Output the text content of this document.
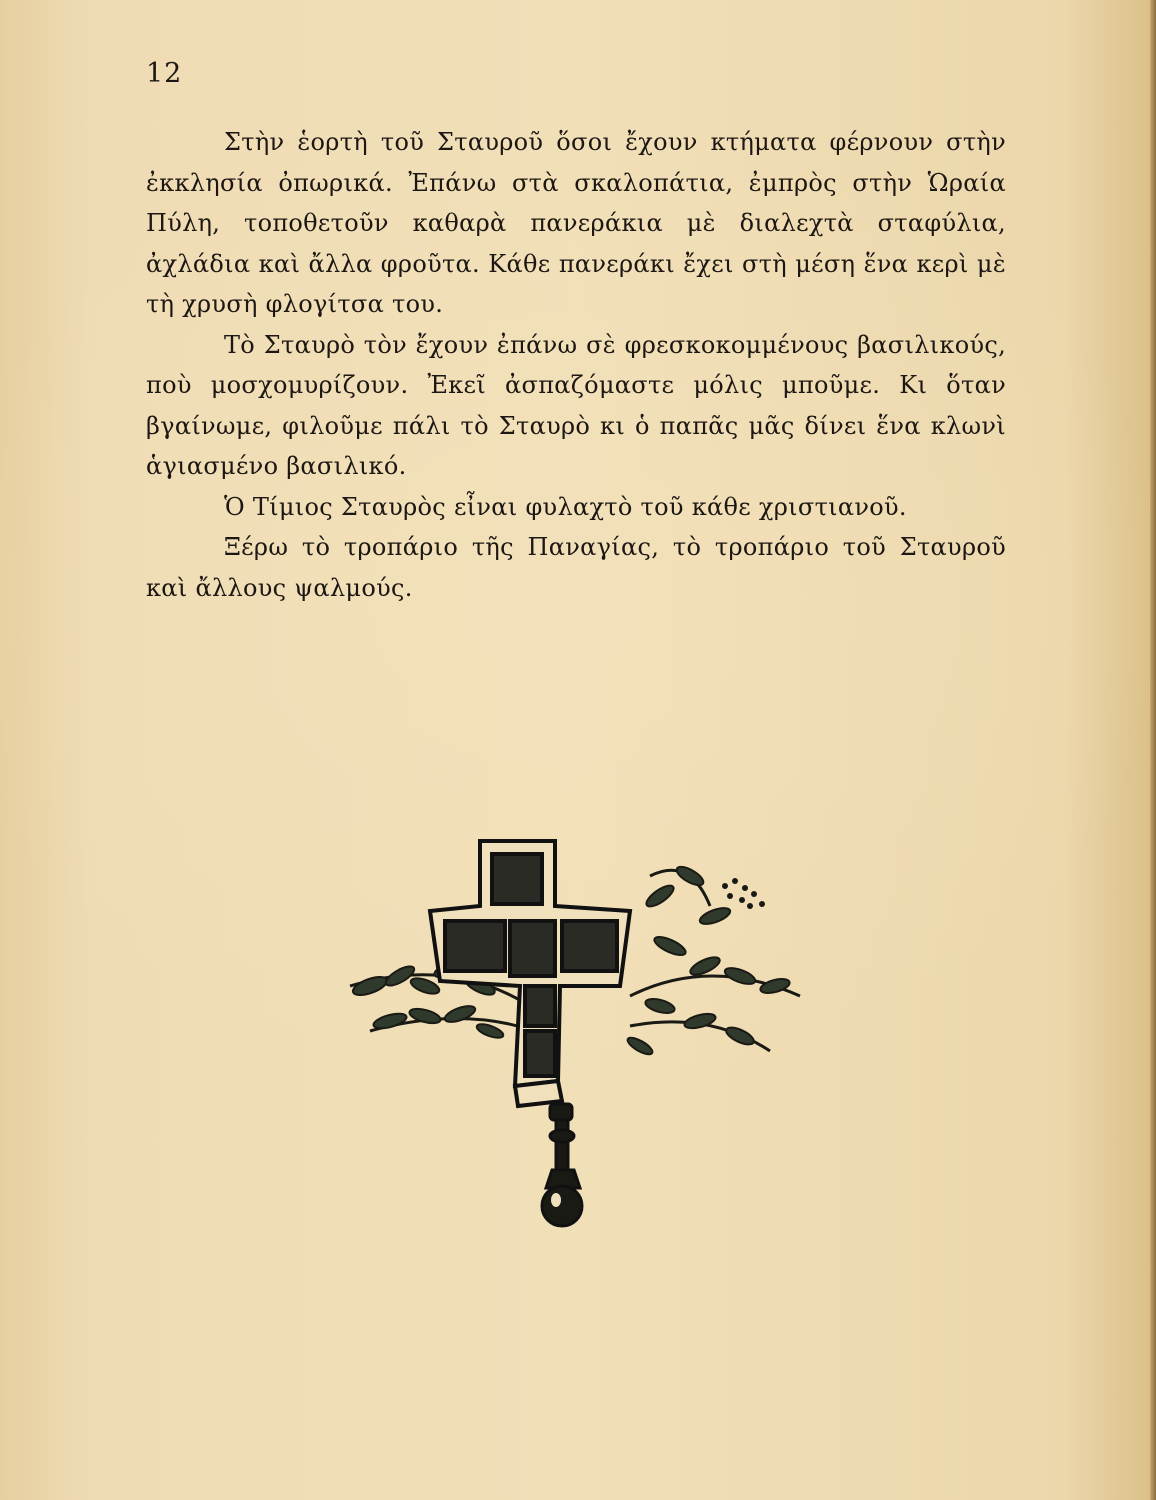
12

Στὴν ἑορτὴ τοῦ Σταυροῦ ὅσοι ἔχουν κτήματα φέρνουν στὴν ἐκκλησία ὀπωρικά. Ἐπάνω στὰ σκαλοπάτια, ἐμπρὸς στὴν Ὡραία Πύλη, τοποθετοῦν καθαρὰ πανεράκια μὲ διαλεχτὰ σταφύλια, ἀχλάδια καὶ ἄλλα φροῦτα. Κάθε πανεράκι ἔχει στὴ μέση ἕνα κερὶ μὲ τὴ χρυσὴ φλογίτσα του.

Τὸ Σταυρὸ τὸν ἔχουν ἐπάνω σὲ φρεσκοκομμένους βασιλικούς, ποὺ μοσχομυρίζουν. Ἐκεῖ ἀσπαζόμαστε μόλις μποῦμε. Κι ὅταν βγαίνωμε, φιλοῦμε πάλι τὸ Σταυρὸ κι ὁ παπᾶς μᾶς δίνει ἕνα κλωνὶ ἁγιασμένο βασιλικό.

Ὁ Τίμιος Σταυρὸς εἶναι φυλαχτὸ τοῦ κάθε χριστιανοῦ.

Ξέρω τὸ τροπάριο τῆς Παναγίας, τὸ τροπάριο τοῦ Σταυροῦ καὶ ἄλλους ψαλμούς.
